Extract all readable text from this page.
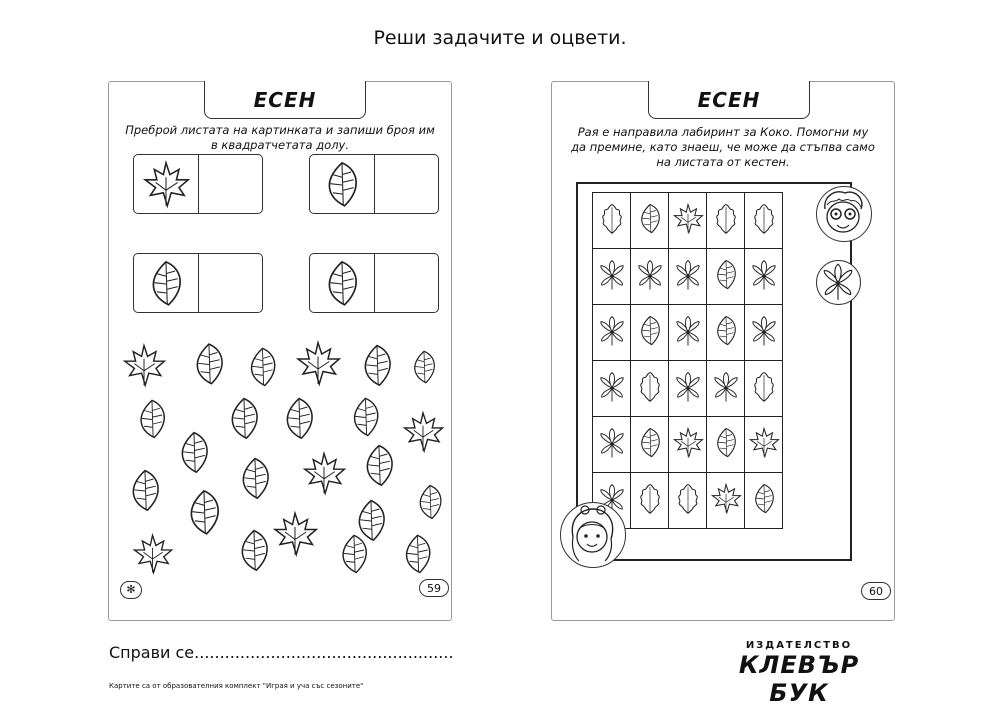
Реши задачите и оцвети.
ЕСЕН
Преброй листата на картинката и запиши броя им
в квадратчетата долу.
✻	59
ЕСЕН
Рая е направила лабиринт за Коко. Помогни му
да премине, като знаеш, че може да стъпва само
на листата от кестен.

60
Справи се...................................................
Картите са от образователния комплект "Играя и уча със сезоните"
ИЗДАТЕЛСТВО
КЛЕВЪР БУК
